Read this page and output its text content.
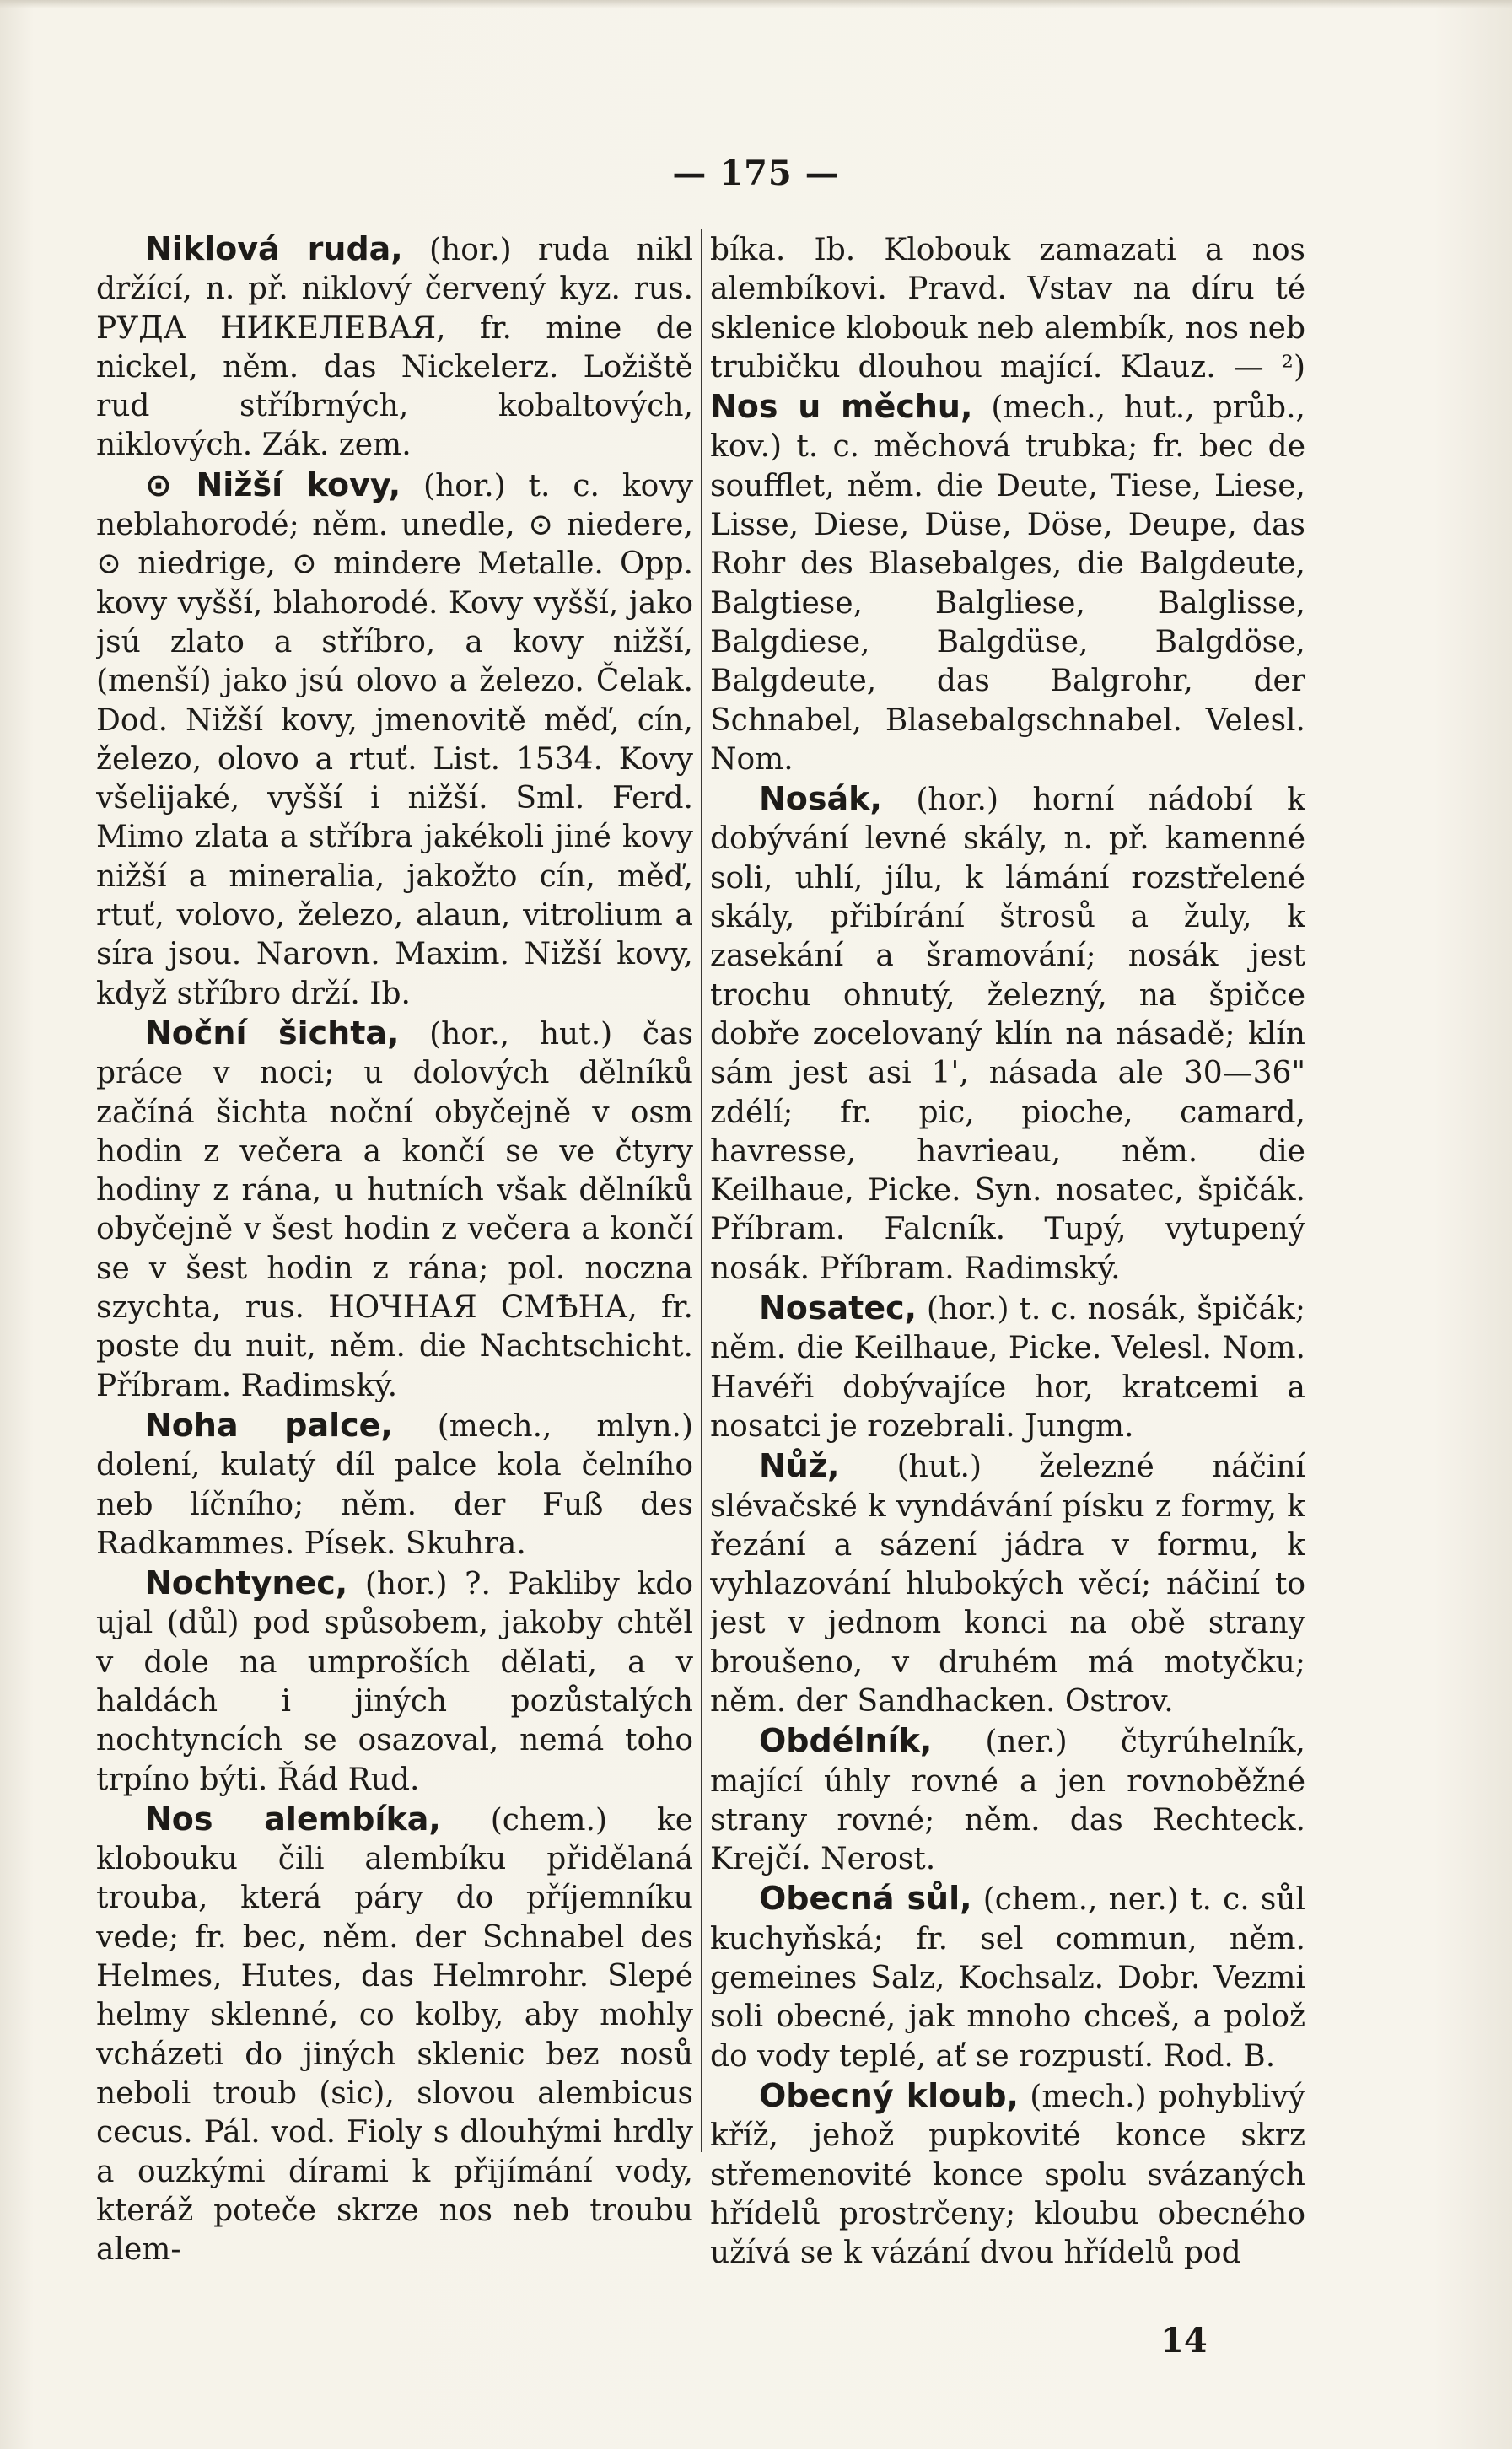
— 175 —

Niklová ruda, (hor.) ruda nikl držící, n. př. niklový červený kyz. rus. РУДА НИКЕЛЕВАЯ, fr. mine de nickel, něm. das Nickelerz. Ložiště rud stříbrných, kobaltových, niklových. Zák. zem.

⊙ Nižší kovy, (hor.) t. c. kovy neblahorodé; něm. unedle, ⊙ niedere, ⊙ niedrige, ⊙ mindere Metalle. Opp. kovy vyšší, blahorodé. Kovy vyšší, jako jsú zlato a stříbro, a kovy nižší, (menší) jako jsú olovo a železo. Čelak. Dod. Nižší kovy, jmenovitě měď, cín, železo, olovo a rtuť. List. 1534. Kovy všelijaké, vyšší i nižší. Sml. Ferd. Mimo zlata a stříbra jakékoli jiné kovy nižší a mineralia, jakožto cín, měď, rtuť, volovo, železo, alaun, vitrolium a síra jsou. Narovn. Maxim. Nižší kovy, když stříbro drží. Ib.

Noční šichta, (hor., hut.) čas práce v noci; u dolových dělníků začíná šichta noční obyčejně v osm hodin z večera a končí se ve čtyry hodiny z rána, u hutních však dělníků obyčejně v šest hodin z večera a končí se v šest hodin z rána; pol. noczna szychta, rus. НОЧНАЯ СМѢНА, fr. poste du nuit, něm. die Nachtschicht. Příbram. Radimský.

Noha palce, (mech., mlyn.) dolení, kulatý díl palce kola čelního neb líčního; něm. der Fuß des Radkammes. Písek. Skuhra.

Nochtynec, (hor.) ?. Pakliby kdo ujal (důl) pod spůsobem, jakoby chtěl v dole na umproších dělati, a v haldách i jiných pozůstalých nochtyncích se osazoval, nemá toho trpíno býti. Řád Rud.

Nos alembíka, (chem.) ke klobouku čili alembíku přidělaná trouba, která páry do příjemníku vede; fr. bec, něm. der Schnabel des Helmes, Hutes, das Helmrohr. Slepé helmy sklenné, co kolby, aby mohly vcházeti do jiných sklenic bez nosů neboli troub (sic), slovou alembicus cecus. Pál. vod. Fioly s dlouhými hrdly a ouzkými dírami k přijímání vody, kteráž poteče skrze nos neb troubu alem-

bíka. Ib. Klobouk zamazati a nos alembíkovi. Pravd. Vstav na díru té sklenice klobouk neb alembík, nos neb trubičku dlouhou mající. Klauz. — ²) Nos u měchu, (mech., hut., průb., kov.) t. c. měchová trubka; fr. bec de soufflet, něm. die Deute, Tiese, Liese, Lisse, Diese, Düse, Döse, Deupe, das Rohr des Blasebalges, die Balgdeute, Balgtiese, Balgliese, Balglisse, Balgdiese, Balgdüse, Balgdöse, Balgdeute, das Balgrohr, der Schnabel, Blasebalgschnabel. Velesl. Nom.

Nosák, (hor.) horní nádobí k dobývání levné skály, n. př. kamenné soli, uhlí, jílu, k lámání rozstřelené skály, přibírání štrosů a žuly, k zasekání a šramování; nosák jest trochu ohnutý, železný, na špičce dobře zocelovaný klín na násadě; klín sám jest asi 1', násada ale 30—36" zdélí; fr. pic, pioche, camard, havresse, havrieau, něm. die Keilhaue, Picke. Syn. nosatec, špičák. Příbram. Falcník. Tupý, vytupený nosák. Příbram. Radimský.

Nosatec, (hor.) t. c. nosák, špičák; něm. die Keilhaue, Picke. Velesl. Nom. Havéři dobývajíce hor, kratcemi a nosatci je rozebrali. Jungm.

Nůž, (hut.) železné náčiní slévačské k vyndávání písku z formy, k řezání a sázení jádra v formu, k vyhlazování hlubokých věcí; náčiní to jest v jednom konci na obě strany broušeno, v druhém má motyčku; něm. der Sandhacken. Ostrov.

Obdélník, (ner.) čtyrúhelník, mající úhly rovné a jen rovnoběžné strany rovné; něm. das Rechteck. Krejčí. Nerost.

Obecná sůl, (chem., ner.) t. c. sůl kuchyňská; fr. sel commun, něm. gemeines Salz, Kochsalz. Dobr. Vezmi soli obecné, jak mnoho chceš, a polož do vody teplé, ať se rozpustí. Rod. B.

Obecný kloub, (mech.) pohyblivý kříž, jehož pupkovité konce skrz střemenovité konce spolu svázaných hřídelů prostrčeny; kloubu obecného užívá se k vázání dvou hřídelů pod

14
